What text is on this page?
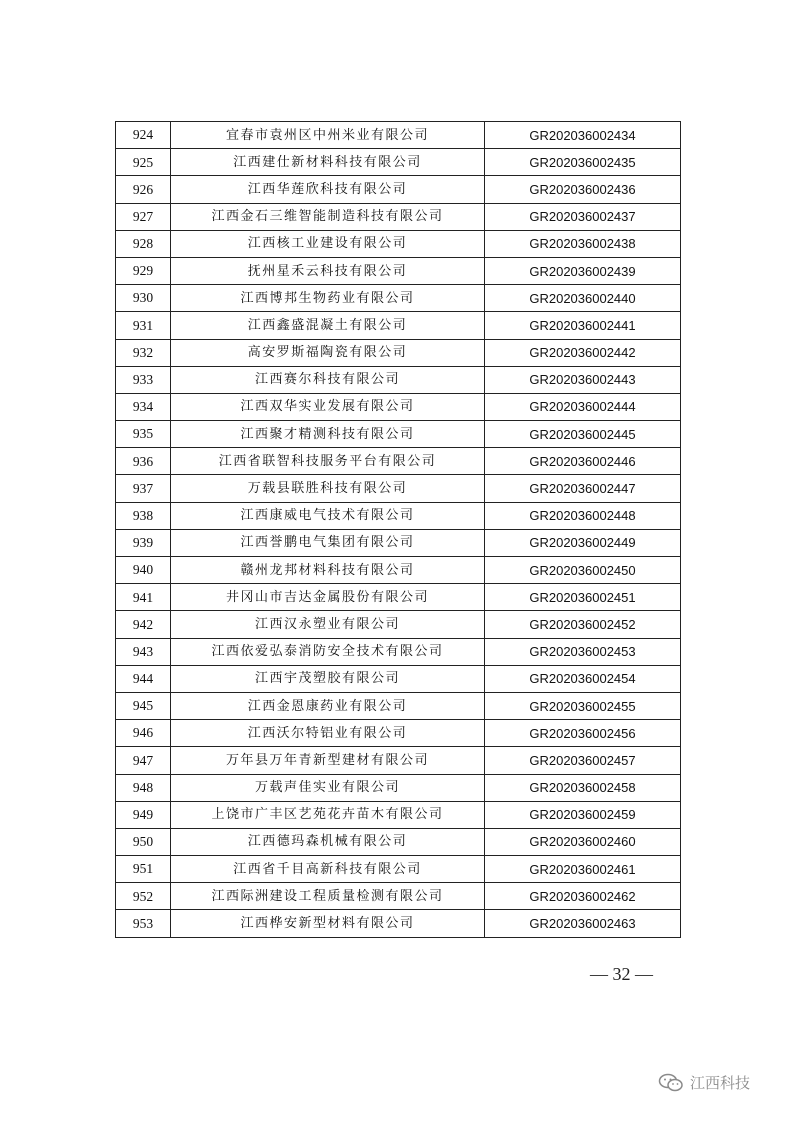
924	宜春市袁州区中州米业有限公司	GR202036002434
925	江西建仕新材料科技有限公司	GR202036002435
926	江西华莲欣科技有限公司	GR202036002436
927	江西金石三维智能制造科技有限公司	GR202036002437
928	江西核工业建设有限公司	GR202036002438
929	抚州星禾云科技有限公司	GR202036002439
930	江西博邦生物药业有限公司	GR202036002440
931	江西鑫盛混凝土有限公司	GR202036002441
932	高安罗斯福陶瓷有限公司	GR202036002442
933	江西赛尔科技有限公司	GR202036002443
934	江西双华实业发展有限公司	GR202036002444
935	江西聚才精测科技有限公司	GR202036002445
936	江西省联智科技服务平台有限公司	GR202036002446
937	万载县联胜科技有限公司	GR202036002447
938	江西康威电气技术有限公司	GR202036002448
939	江西誉鹏电气集团有限公司	GR202036002449
940	赣州龙邦材料科技有限公司	GR202036002450
941	井冈山市吉达金属股份有限公司	GR202036002451
942	江西汉永塑业有限公司	GR202036002452
943	江西依爱弘泰消防安全技术有限公司	GR202036002453
944	江西宇茂塑胶有限公司	GR202036002454
945	江西金恩康药业有限公司	GR202036002455
946	江西沃尔特铝业有限公司	GR202036002456
947	万年县万年青新型建材有限公司	GR202036002457
948	万载声佳实业有限公司	GR202036002458
949	上饶市广丰区艺苑花卉苗木有限公司	GR202036002459
950	江西德玛森机械有限公司	GR202036002460
951	江西省千目高新科技有限公司	GR202036002461
952	江西际洲建设工程质量检测有限公司	GR202036002462
953	江西桦安新型材料有限公司	GR202036002463
— 32 —
江西科技
